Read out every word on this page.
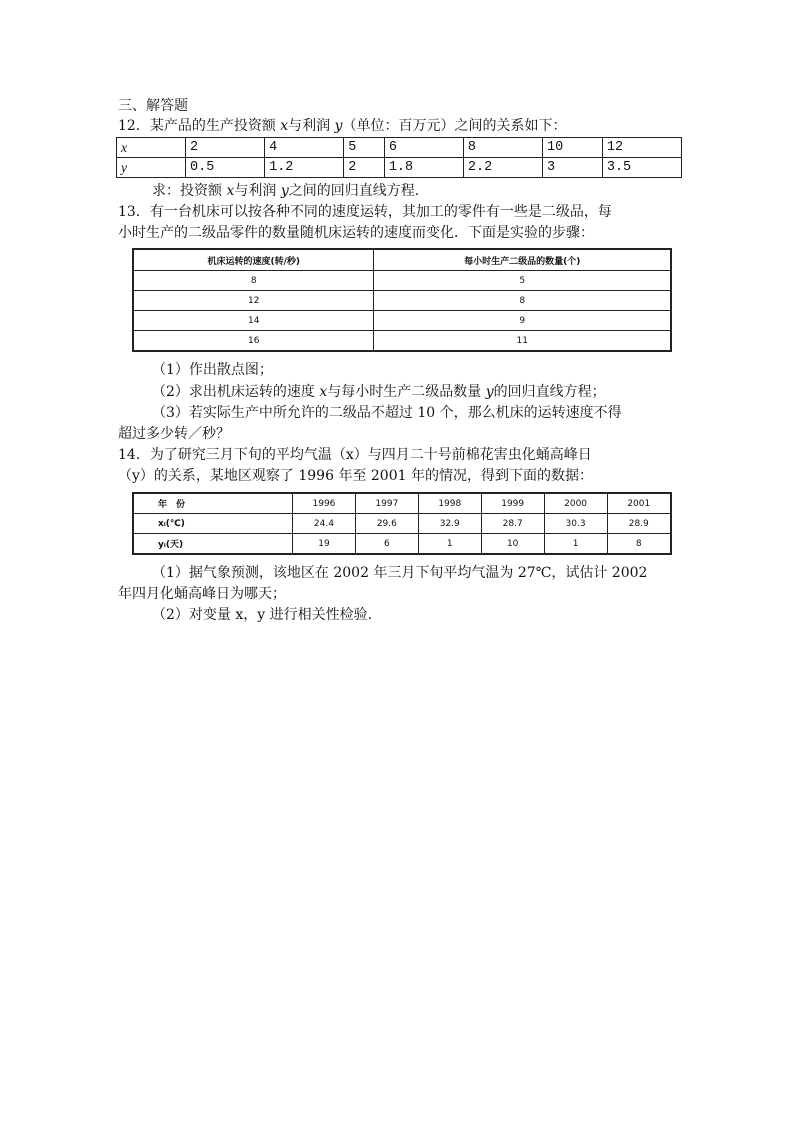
三、解答题
12．某产品的生产投资额 x与利润 y（单位：百万元）之间的关系如下：
x	2	4	5	6	8	10	12
y	0.5	1.2	2	1.8	2.2	3	3.5
求：投资额 x与利润 y之间的回归直线方程.
13．有一台机床可以按各种不同的速度运转，其加工的零件有一些是二级品，每
小时生产的二级品零件的数量随机床运转的速度而变化．下面是实验的步骤：
机床运转的速度(转/秒)	每小时生产二级品的数量(个)
8	5
12	8
14	9
16	11
（1）作出散点图；
（2）求出机床运转的速度 x与每小时生产二级品数量 y的回归直线方程；
（3）若实际生产中所允许的二级品不超过 10 个，那么机床的运转速度不得
超过多少转／秒？
14．为了研究三月下旬的平均气温（x）与四月二十号前棉花害虫化蛹高峰日
（y）的关系，某地区观察了 1996 年至 2001 年的情况，得到下面的数据：
年　份	1996	1997	1998	1999	2000	2001
xᵢ(℃)	24.4	29.6	32.9	28.7	30.3	28.9
yᵢ(天)	19	6	1	10	1	8
（1）据气象预测，该地区在 2002 年三月下旬平均气温为 27℃，试估计 2002
年四月化蛹高峰日为哪天；
（2）对变量 x，y 进行相关性检验.
